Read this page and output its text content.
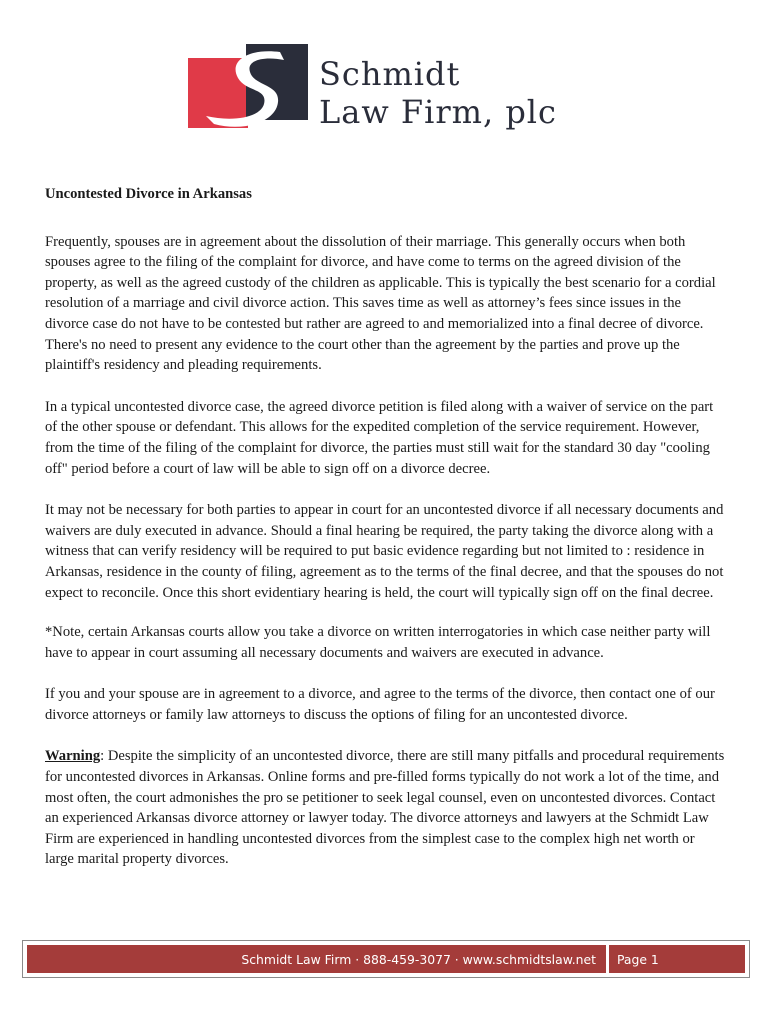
Schmidt
Law Firm, plc

Uncontested Divorce in Arkansas

Frequently, spouses are in agreement about the dissolution of their marriage. This generally occurs when both spouses agree to the filing of the complaint for divorce, and have come to terms on the agreed division of the property, as well as the agreed custody of the children as applicable. This is typically the best scenario for a cordial resolution of a marriage and civil divorce action. This saves time as well as attorney’s fees since issues in the divorce case do not have to be contested but rather are agreed to and memorialized into a final decree of divorce. There's no need to present any evidence to the court other than the agreement by the parties and prove up the plaintiff's residency and pleading requirements.

In a typical uncontested divorce case, the agreed divorce petition is filed along with a waiver of service on the part of the other spouse or defendant. This allows for the expedited completion of the service requirement. However, from the time of the filing of the complaint for divorce, the parties must still wait for the standard 30 day "cooling off" period before a court of law will be able to sign off on a divorce decree.

It may not be necessary for both parties to appear in court for an uncontested divorce if all necessary documents and waivers are duly executed in advance. Should a final hearing be required, the party taking the divorce along with a witness that can verify residency will be required to put basic evidence regarding but not limited to : residence in Arkansas, residence in the county of filing, agreement as to the terms of the final decree, and that the spouses do not expect to reconcile. Once this short evidentiary hearing is held, the court will typically sign off on the final decree.

*Note, certain Arkansas courts allow you take a divorce on written interrogatories in which case neither party will have to appear in court assuming all necessary documents and waivers are executed in advance.

If you and your spouse are in agreement to a divorce, and agree to the terms of the divorce, then contact one of our divorce attorneys or family law attorneys to discuss the options of filing for an uncontested divorce.

Warning: Despite the simplicity of an uncontested divorce, there are still many pitfalls and procedural requirements for uncontested divorces in Arkansas. Online forms and pre-filled forms typically do not work a lot of the time, and most often, the court admonishes the pro se petitioner to seek legal counsel, even on uncontested divorces. Contact an experienced Arkansas divorce attorney or lawyer today. The divorce attorneys and lawyers at the Schmidt Law Firm are experienced in handling uncontested divorces from the simplest case to the complex high net worth or large marital property divorces.

Schmidt Law Firm · 888-459-3077 · www.schmidtslaw.net	Page 1
